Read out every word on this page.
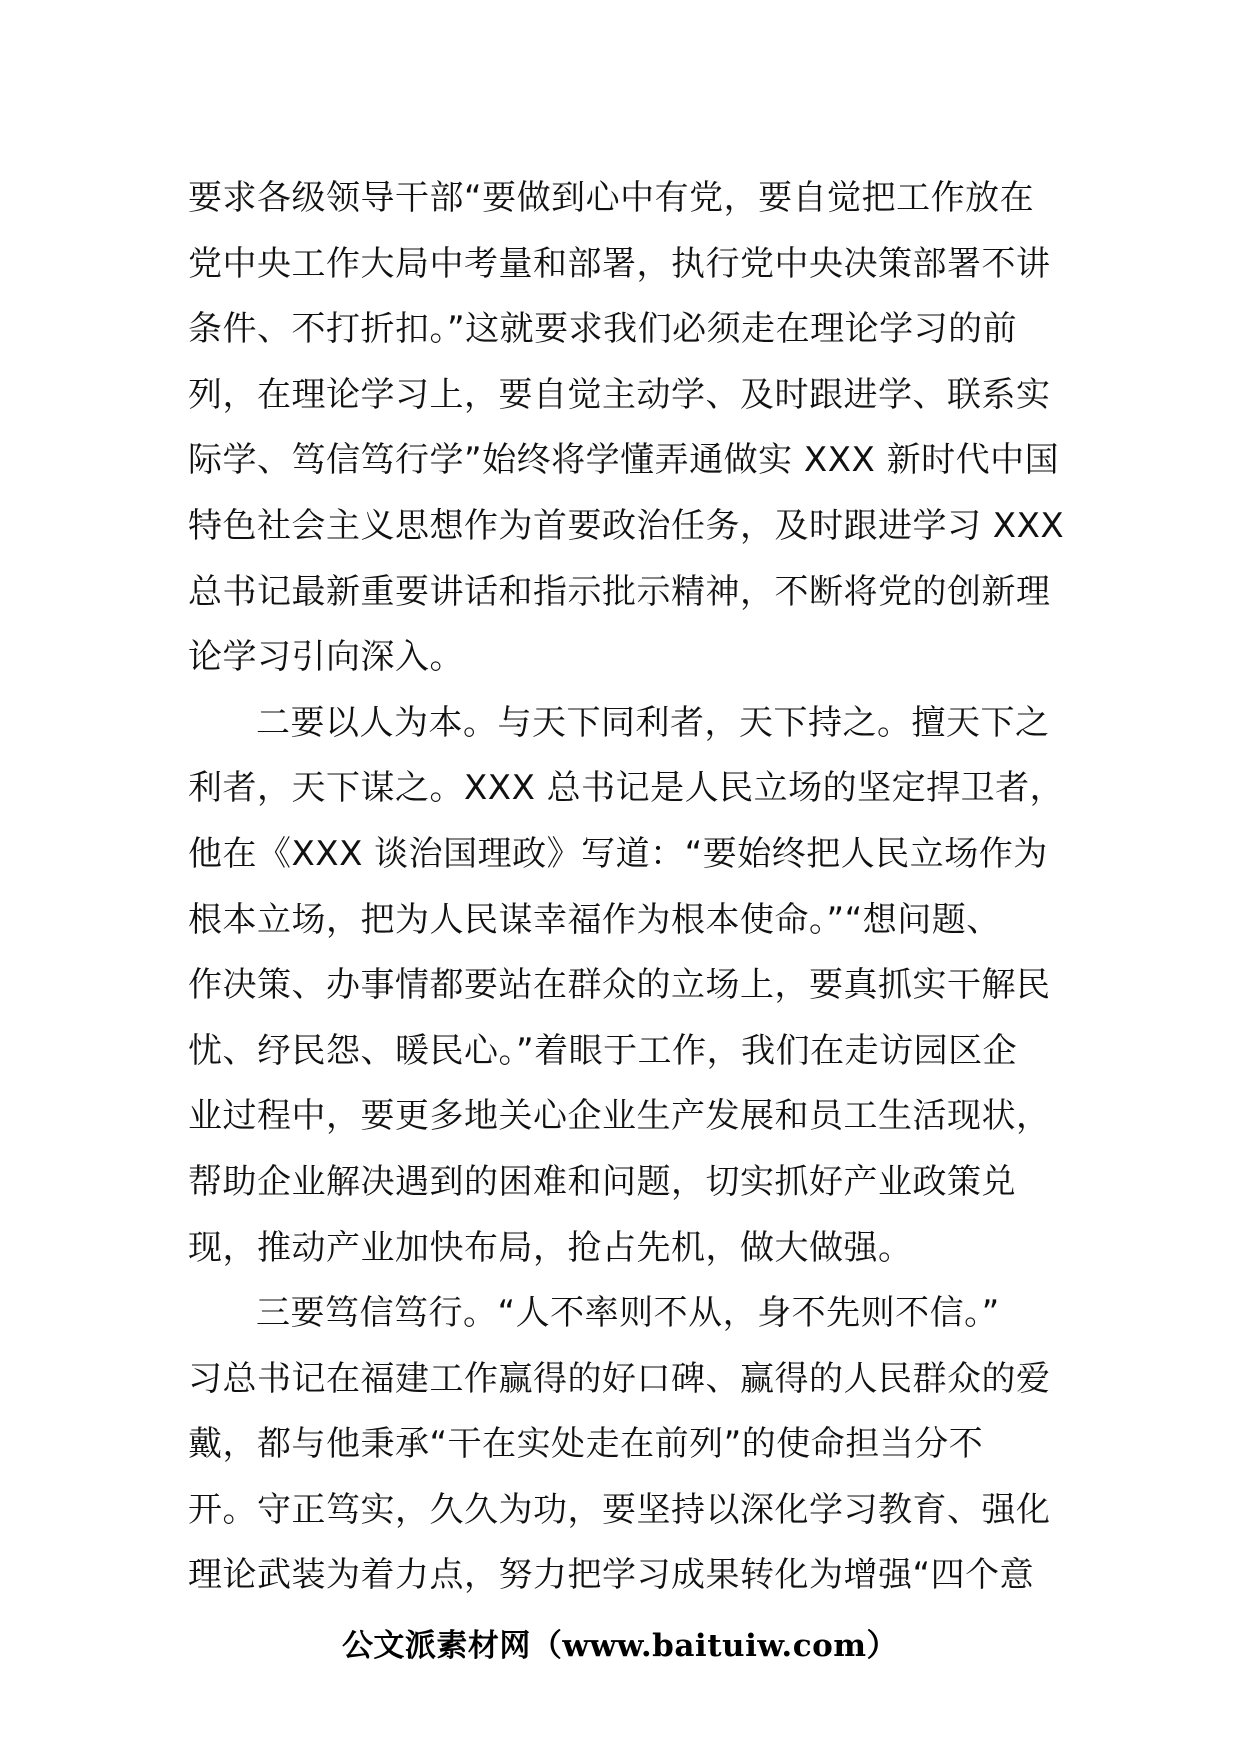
要求各级领导干部“要做到心中有党，要自觉把工作放在
党中央工作大局中考量和部署，执行党中央决策部署不讲
条件、不打折扣。”这就要求我们必须走在理论学习的前
列，在理论学习上，要自觉主动学、及时跟进学、联系实
际学、笃信笃行学”始终将学懂弄通做实 XXX 新时代中国
特色社会主义思想作为首要政治任务，及时跟进学习 XXX
总书记最新重要讲话和指示批示精神，不断将党的创新理
论学习引向深入。
二要以人为本。与天下同利者，天下持之。擅天下之
利者，天下谋之。XXX 总书记是人民立场的坚定捍卫者，
他在《XXX 谈治国理政》写道：“要始终把人民立场作为
根本立场，把为人民谋幸福作为根本使命。”“想问题、
作决策、办事情都要站在群众的立场上，要真抓实干解民
忧、纾民怨、暖民心。”着眼于工作，我们在走访园区企
业过程中，要更多地关心企业生产发展和员工生活现状，
帮助企业解决遇到的困难和问题，切实抓好产业政策兑
现，推动产业加快布局，抢占先机，做大做强。
三要笃信笃行。“人不率则不从，身不先则不信。”
习总书记在福建工作赢得的好口碑、赢得的人民群众的爱
戴，都与他秉承“干在实处走在前列”的使命担当分不
开。守正笃实，久久为功，要坚持以深化学习教育、强化
理论武装为着力点，努力把学习成果转化为增强“四个意
公文派素材网（www.baituiw.com）
